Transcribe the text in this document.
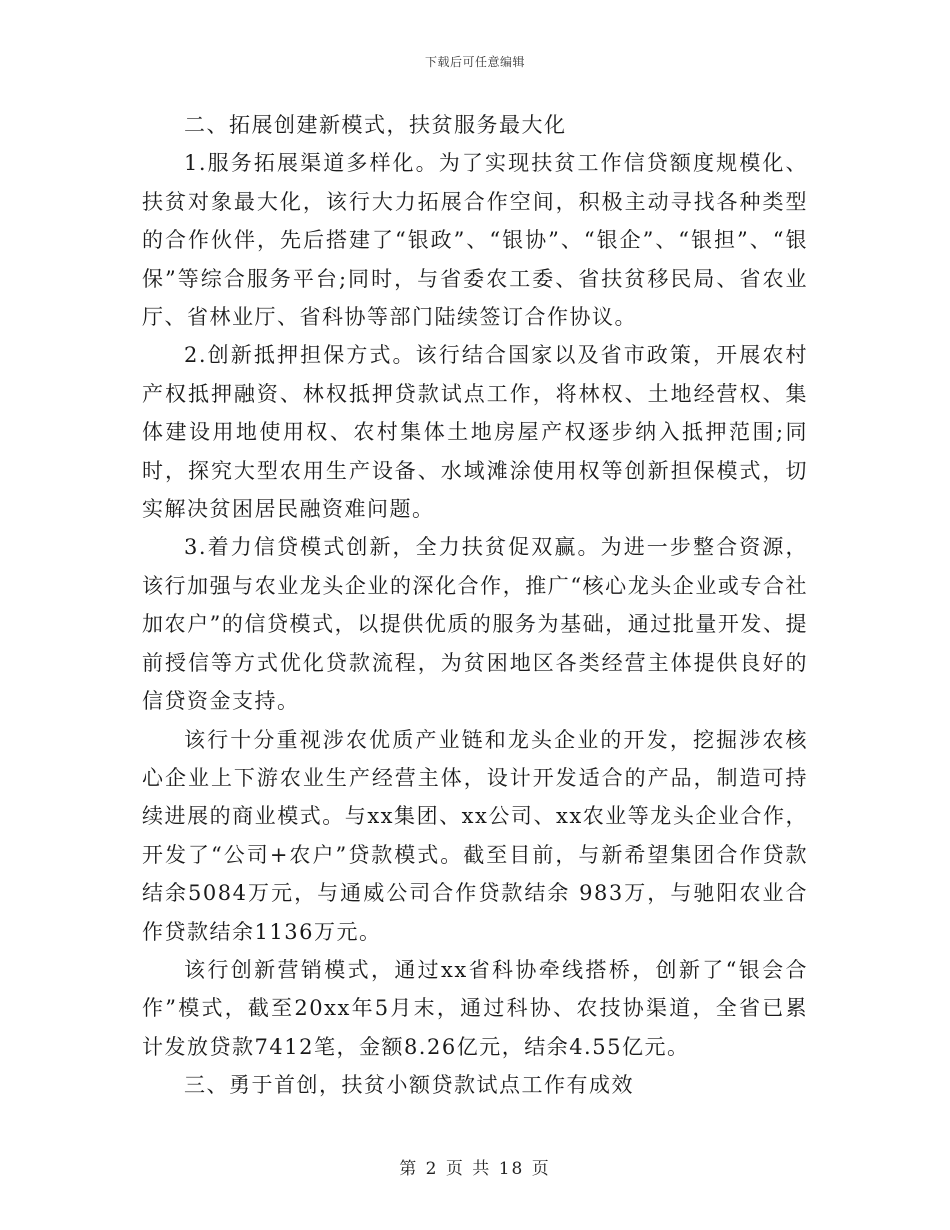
下载后可任意编辑

二、拓展创建新模式，扶贫服务最大化

1.服务拓展渠道多样化。为了实现扶贫工作信贷额度规模化、扶贫对象最大化，该行大力拓展合作空间，积极主动寻找各种类型的合作伙伴，先后搭建了“银政”、“银协”、“银企”、“银担”、“银保”等综合服务平台;同时，与省委农工委、省扶贫移民局、省农业厅、省林业厅、省科协等部门陆续签订合作协议。

2.创新抵押担保方式。该行结合国家以及省市政策，开展农村产权抵押融资、林权抵押贷款试点工作，将林权、土地经营权、集体建设用地使用权、农村集体土地房屋产权逐步纳入抵押范围;同时，探究大型农用生产设备、水域滩涂使用权等创新担保模式，切实解决贫困居民融资难问题。

3.着力信贷模式创新，全力扶贫促双赢。为进一步整合资源，该行加强与农业龙头企业的深化合作，推广“核心龙头企业或专合社加农户”的信贷模式，以提供优质的服务为基础，通过批量开发、提前授信等方式优化贷款流程，为贫困地区各类经营主体提供良好的信贷资金支持。

该行十分重视涉农优质产业链和龙头企业的开发，挖掘涉农核心企业上下游农业生产经营主体，设计开发适合的产品，制造可持续进展的商业模式。与xx集团、xx公司、xx农业等龙头企业合作，开发了“公司+农户”贷款模式。截至目前，与新希望集团合作贷款结余5084万元，与通威公司合作贷款结余 983万，与驰阳农业合作贷款结余1136万元。

该行创新营销模式，通过xx省科协牵线搭桥，创新了“银会合作”模式，截至20xx年5月末，通过科协、农技协渠道，全省已累计发放贷款7412笔，金额8.26亿元，结余4.55亿元。

三、勇于首创，扶贫小额贷款试点工作有成效

第 2 页 共 18 页
